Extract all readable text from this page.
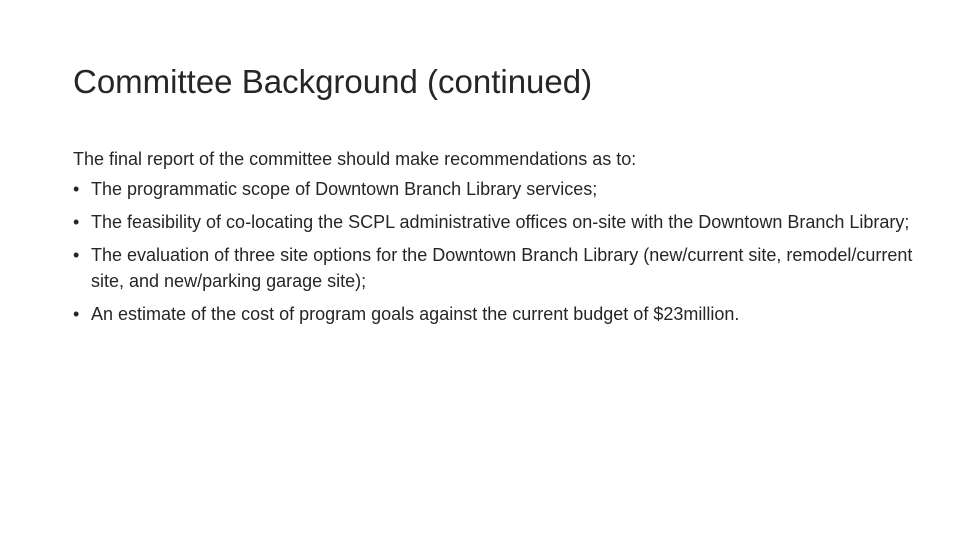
Committee Background (continued)

The final report of the committee should make recommendations as to:

• The programmatic scope of Downtown Branch Library services;
• The feasibility of co-locating the SCPL administrative offices on-site with the Downtown Branch Library;
• The evaluation of three site options for the Downtown Branch Library (new/current site, remodel/current site, and new/parking garage site);
• An estimate of the cost of program goals against the current budget of $23million.
